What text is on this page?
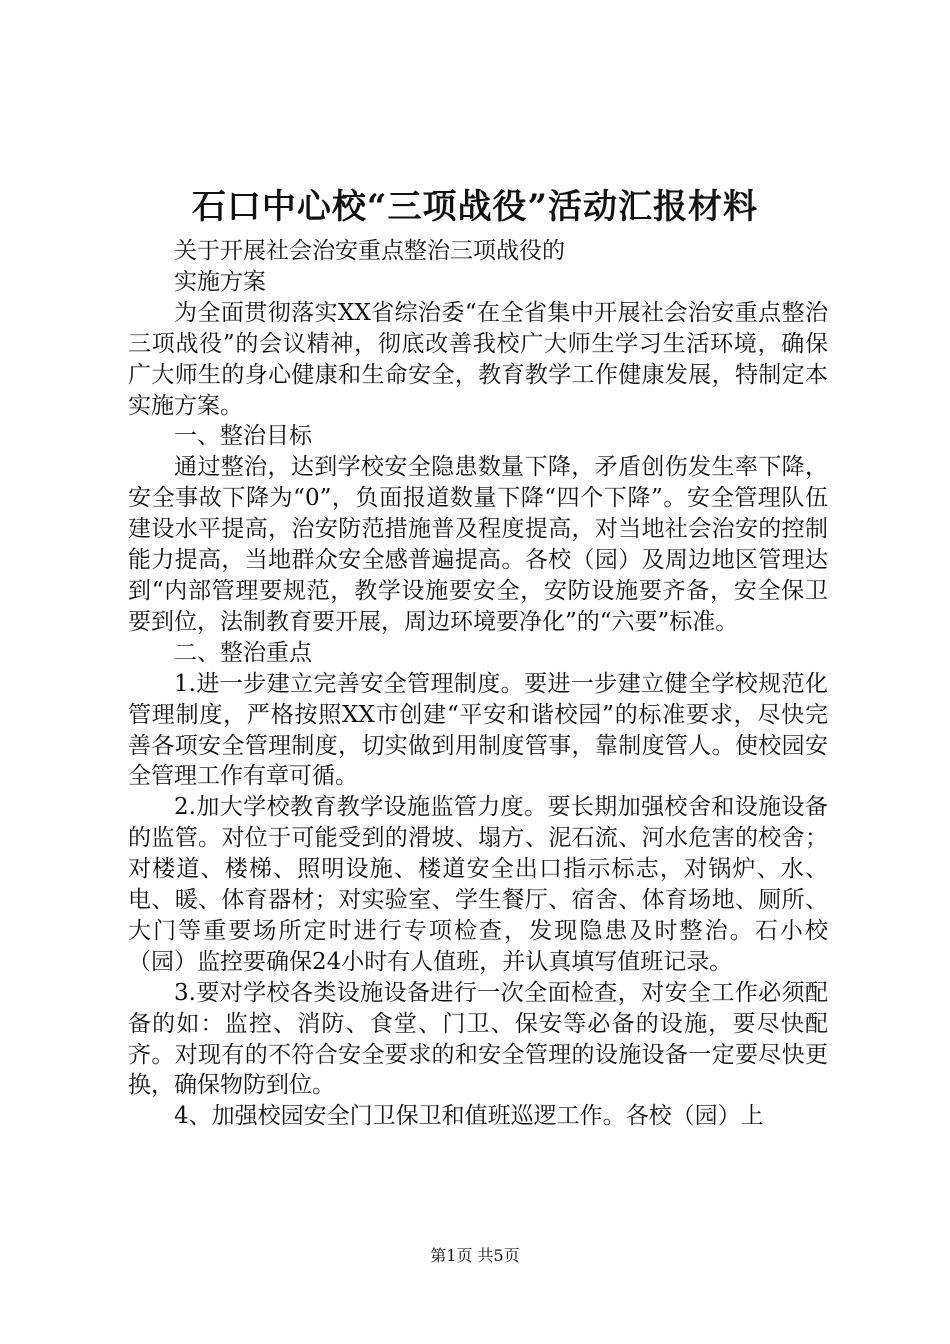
石口中心校“三项战役”活动汇报材料

关于开展社会治安重点整治三项战役的

实施方案

为全面贯彻落实XX省综治委“在全省集中开展社会治安重点整治三项战役”的会议精神，彻底改善我校广大师生学习生活环境，确保广大师生的身心健康和生命安全，教育教学工作健康发展，特制定本实施方案。

一、整治目标

通过整治，达到学校安全隐患数量下降，矛盾创伤发生率下降，安全事故下降为“0”，负面报道数量下降“四个下降”。安全管理队伍建设水平提高，治安防范措施普及程度提高，对当地社会治安的控制能力提高，当地群众安全感普遍提高。各校（园）及周边地区管理达到“内部管理要规范，教学设施要安全，安防设施要齐备，安全保卫要到位，法制教育要开展，周边环境要净化”的“六要”标准。

二、整治重点

1.进一步建立完善安全管理制度。要进一步建立健全学校规范化管理制度，严格按照XX市创建“平安和谐校园”的标准要求，尽快完善各项安全管理制度，切实做到用制度管事，靠制度管人。使校园安全管理工作有章可循。

2.加大学校教育教学设施监管力度。要长期加强校舍和设施设备的监管。对位于可能受到的滑坡、塌方、泥石流、河水危害的校舍；对楼道、楼梯、照明设施、楼道安全出口指示标志，对锅炉、水、电、暖、体育器材；对实验室、学生餐厅、宿舍、体育场地、厕所、大门等重要场所定时进行专项检查，发现隐患及时整治。石小校（园）监控要确保24小时有人值班，并认真填写值班记录。

3.要对学校各类设施设备进行一次全面检查，对安全工作必须配备的如：监控、消防、食堂、门卫、保安等必备的设施，要尽快配齐。对现有的不符合安全要求的和安全管理的设施设备一定要尽快更换，确保物防到位。

4、加强校园安全门卫保卫和值班巡逻工作。各校（园）上

第1页 共5页
